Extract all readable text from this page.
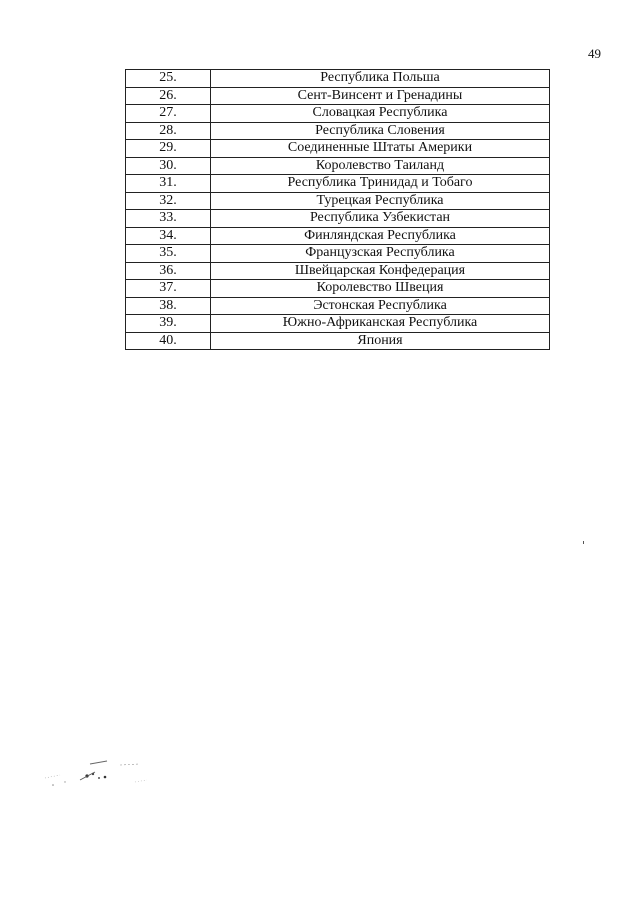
49
25.	Республика Польша
26.	Сент-Винсент и Гренадины
27.	Словацкая Республика
28.	Республика Словения
29.	Соединенные Штаты Америки
30.	Королевство Таиланд
31.	Республика Тринидад и Тобаго
32.	Турецкая Республика
33.	Республика Узбекистан
34.	Финляндская Республика
35.	Французская Республика
36.	Швейцарская Конфедерация
37.	Королевство Швеция
38.	Эстонская Республика
39.	Южно-Африканская Республика
40.	Япония
